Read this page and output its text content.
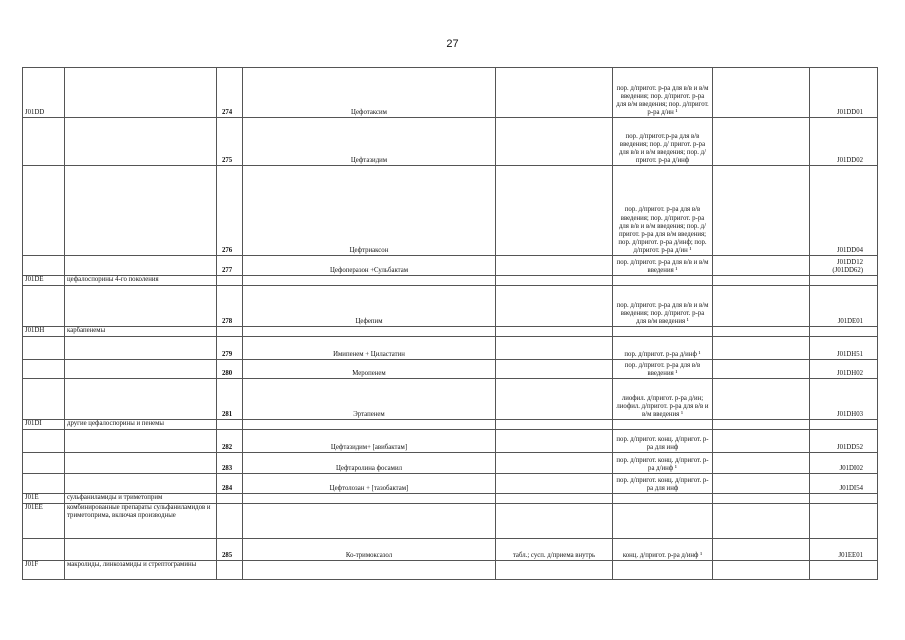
27
J01DD		274	Цефотаксим		пор. д/пригот. р-ра для в/в и в/м введения; пор. д/пригот. р-ра для в/м введения; пор. д/пригот. р-ра д/ин ¹		J01DD01
		275	Цефтазидим		пор. д/пригот.р-ра для в/в введения; пор. д/ пригот. р-ра для в/в и в/м введения; пор. д/пригот. р-ра д/инф		J01DD02
		276	Цефтриаксон		пор. д/пригот. р-ра для в/в введения; пор. д/пригот. р-ра для в/в и в/м введения; пор. д/пригот. р-ра для в/м введения; пор. д/пригот. р-ра д/инф; пор. д/пригот. р-ра д/ин ¹		J01DD04
		277	Цефоперазон +Сульбактам		пор. д/пригот. р-ра для в/в и в/м введения ¹		J01DD12 (J01DD62)
J01DE	цефалоспорины 4-го поколения						
		278	Цефепим		пор. д/пригот. р-ра для в/в и в/м введения; пор. д/пригот. р-ра для в/м введения ¹		J01DE01
J01DH	карбапенемы						
		279	Имипенем + Циластатин		пор. д/пригот. р-ра д/инф ¹		J01DH51
		280	Меропенем		пор. д/пригот. р-ра для в/в введения ¹		J01DH02
		281	Эртапенем		лиофил. д/пригот. р-ра д/ин; лиофил. д/пригот. р-ра для в/в и в/м введения ¹		J01DH03
J01DI	другие цефалоспорины и пенемы						
		282	Цефтазидим+ [авибактам]		пор. д/пригот. конц. д/пригот. р-ра для инф		J01DD52
		283	Цефтаролина фосамил		пор. д/пригот. конц. д/пригот. р-ра д/инф ¹		J01DI02
		284	Цефтолозан + [тазобактам]		пор. д/пригот. конц. д/пригот. р-ра для инф		J01DI54
J01E	сульфаниламиды и триметоприм						
J01EE	комбинированные препараты сульфаниламидов и триметоприма, включая производные						
		285	Ко-тримоксазол	табл.; сусп. д/приема внутрь	конц. д/пригот. р-ра д/инф ¹		J01EE01
J01F	макролиды, линкозамиды и стрептограмины						
